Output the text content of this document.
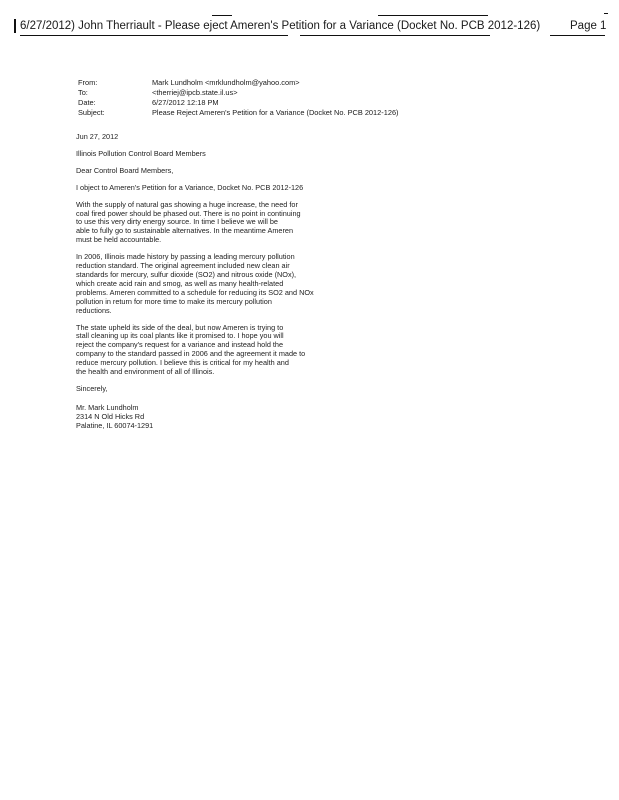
6/27/2012) John Therriault - Please eject Ameren's Petition for a Variance (Docket No. PCB 2012-126)	Page 1
From:	Mark Lundholm <mrklundholm@yahoo.com>
To:	<therriej@ipcb.state.il.us>
Date:	6/27/2012 12:18 PM
Subject:	Please Reject Ameren's Petition for a Variance (Docket No. PCB 2012-126)

Jun 27, 2012

Illinois Pollution Control Board Members

Dear Control Board Members,

I object to Ameren's Petition for a Variance, Docket No. PCB 2012-126

With the supply of natural gas showing a huge increase, the need for
coal fired power should be phased out. There is no point in continuing
to use this very dirty energy source. In time I believe we will be
able to fully go to sustainable alternatives. In the meantime Ameren
must be held accountable.

In 2006, Illinois made history by passing a leading mercury pollution
reduction standard. The original agreement included new clean air
standards for mercury, sulfur dioxide (SO2) and nitrous oxide (NOx),
which create acid rain and smog, as well as many health-related
problems. Ameren committed to a schedule for reducing its SO2 and NOx
pollution in return for more time to make its mercury pollution
reductions.

The state upheld its side of the deal, but now Ameren is trying to
stall cleaning up its coal plants like it promised to. I hope you will
reject the company's request for a variance and instead hold the
company to the standard passed in 2006 and the agreement it made to
reduce mercury pollution. I believe this is critical for my health and
the health and environment of all of Illinois.

Sincerely,

Mr. Mark Lundholm
2314 N Old Hicks Rd
Palatine, IL 60074-1291
